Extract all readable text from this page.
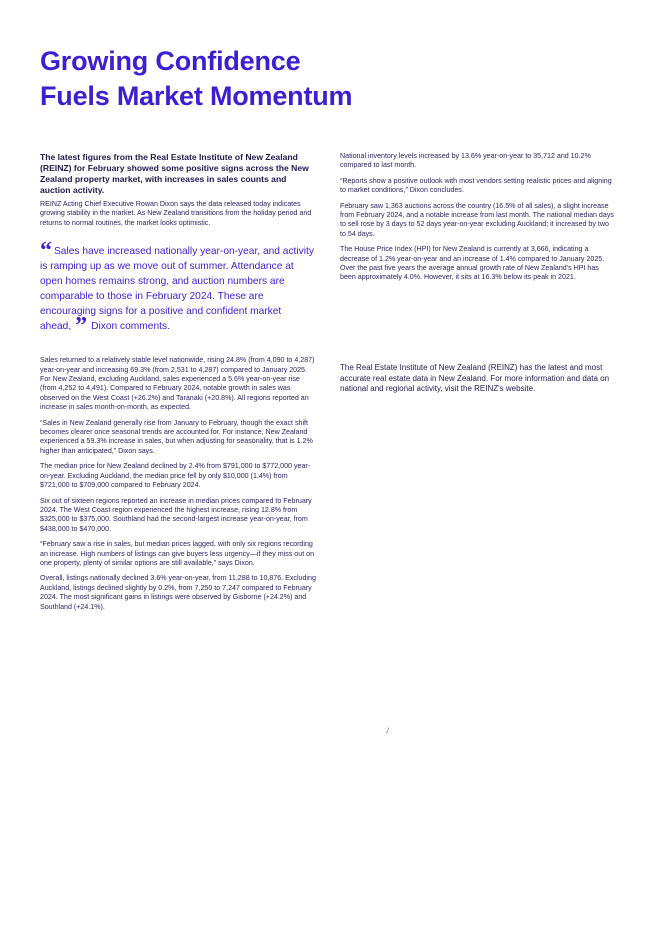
Growing Confidence
Fuels Market Momentum

The latest figures from the Real Estate Institute of New Zealand (REINZ) for February showed some positive signs across the New Zealand property market, with increases in sales counts and auction activity.

REINZ Acting Chief Executive Rowan Dixon says the data released today indicates growing stability in the market. As New Zealand transitions from the holiday period and returns to normal routines, the market looks optimistic.

“ Sales have increased nationally year-on-year, and activity is ramping up as we move out of summer. Attendance at open homes remains strong, and auction numbers are comparable to those in February 2024. These are encouraging signs for a positive and confident market ahead, ” Dixon comments.

Sales returned to a relatively stable level nationwide, rising 24.8% (from 4,090 to 4,287) year-on-year and increasing 69.3% (from 2,531 to 4,287) compared to January 2025. For New Zealand, excluding Auckland, sales experienced a 5.6% year-on-year rise (from 4,252 to 4,491). Compared to February 2024, notable growth in sales was observed on the West Coast (+26.2%) and Taranaki (+20.8%). All regions reported an increase in sales month-on-month, as expected.

“Sales in New Zealand generally rise from January to February, though the exact shift becomes clearer once seasonal trends are accounted for. For instance, New Zealand experienced a 59.3% increase in sales, but when adjusting for seasonality, that is 1.2% higher than anticipated,” Dixon says.

The median price for New Zealand declined by 2.4% from $791,000 to $772,000 year-on-year. Excluding Auckland, the median price fell by only $10,000 (1.4%) from $721,000 to $709,000 compared to February 2024.

Six out of sixteen regions reported an increase in median prices compared to February 2024. The West Coast region experienced the highest increase, rising 12.8% from $325,000 to $375,000. Southland had the second-largest increase year-on-year, from $438,000 to $470,000.

“February saw a rise in sales, but median prices lagged, with only six regions recording an increase. High numbers of listings can give buyers less urgency—if they miss out on one property, plenty of similar options are still available,” says Dixon.

Overall, listings nationally declined 3.6% year-on-year, from 11,288 to 10,876. Excluding Auckland, listings declined slightly by 0.2%, from 7,250 to 7,247 compared to February 2024. The most significant gains in listings were observed by Gisborne (+24.2%) and Southland (+24.1%).

National inventory levels increased by 13.6% year-on-year to 35,712 and 10.2% compared to last month.

“Reports show a positive outlook with most vendors setting realistic prices and aligning to market conditions,” Dixon concludes.

February saw 1,363 auctions across the country (16.5% of all sales), a slight increase from February 2024, and a notable increase from last month. The national median days to sell rose by 3 days to 52 days year-on-year excluding Auckland; it increased by two to 54 days.

The House Price Index (HPI) for New Zealand is currently at 3,666, indicating a decrease of 1.2% year-on-year and an increase of 1.4% compared to January 2025. Over the past five years the average annual growth rate of New Zealand's HPI has been approximately 4.0%. However, it sits at 16.3% below its peak in 2021.

The Real Estate Institute of New Zealand (REINZ) has the latest and most accurate real estate data in New Zealand. For more information and data on national and regional activity, visit the REINZ's website.
